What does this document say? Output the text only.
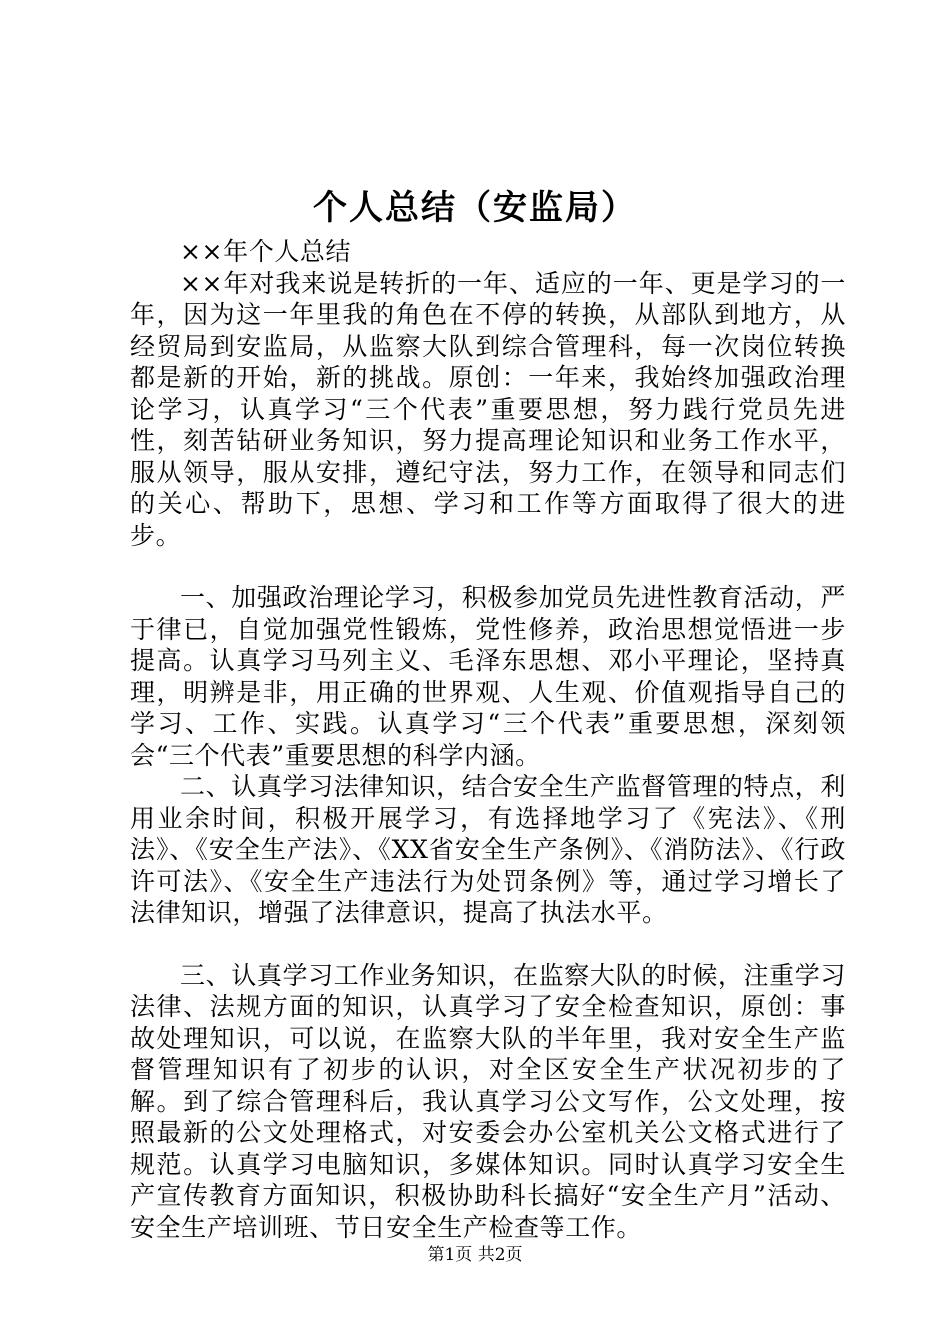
个人总结（安监局）

××年个人总结

××年对我来说是转折的一年、适应的一年、更是学习的一年，因为这一年里我的角色在不停的转换，从部队到地方，从经贸局到安监局，从监察大队到综合管理科，每一次岗位转换都是新的开始，新的挑战。原创：一年来，我始终加强政治理论学习，认真学习“三个代表”重要思想，努力践行党员先进性，刻苦钻研业务知识，努力提高理论知识和业务工作水平，服从领导，服从安排，遵纪守法，努力工作，在领导和同志们的关心、帮助下，思想、学习和工作等方面取得了很大的进步。

一、加强政治理论学习，积极参加党员先进性教育活动，严于律已，自觉加强党性锻炼，党性修养，政治思想觉悟进一步提高。认真学习马列主义、毛泽东思想、邓小平理论，坚持真理，明辨是非，用正确的世界观、人生观、价值观指导自己的学习、工作、实践。认真学习“三个代表”重要思想，深刻领会“三个代表”重要思想的科学内涵。

二、认真学习法律知识，结合安全生产监督管理的特点，利用业余时间，积极开展学习，有选择地学习了《宪法》、《刑法》、《安全生产法》、《XX省安全生产条例》、《消防法》、《行政许可法》、《安全生产违法行为处罚条例》等，通过学习增长了法律知识，增强了法律意识，提高了执法水平。

三、认真学习工作业务知识，在监察大队的时候，注重学习法律、法规方面的知识，认真学习了安全检查知识，原创：事故处理知识，可以说，在监察大队的半年里，我对安全生产监督管理知识有了初步的认识，对全区安全生产状况初步的了解。到了综合管理科后，我认真学习公文写作，公文处理，按照最新的公文处理格式，对安委会办公室机关公文格式进行了规范。认真学习电脑知识，多媒体知识。同时认真学习安全生产宣传教育方面知识，积极协助科长搞好“安全生产月”活动、安全生产培训班、节日安全生产检查等工作。

第1页 共2页
